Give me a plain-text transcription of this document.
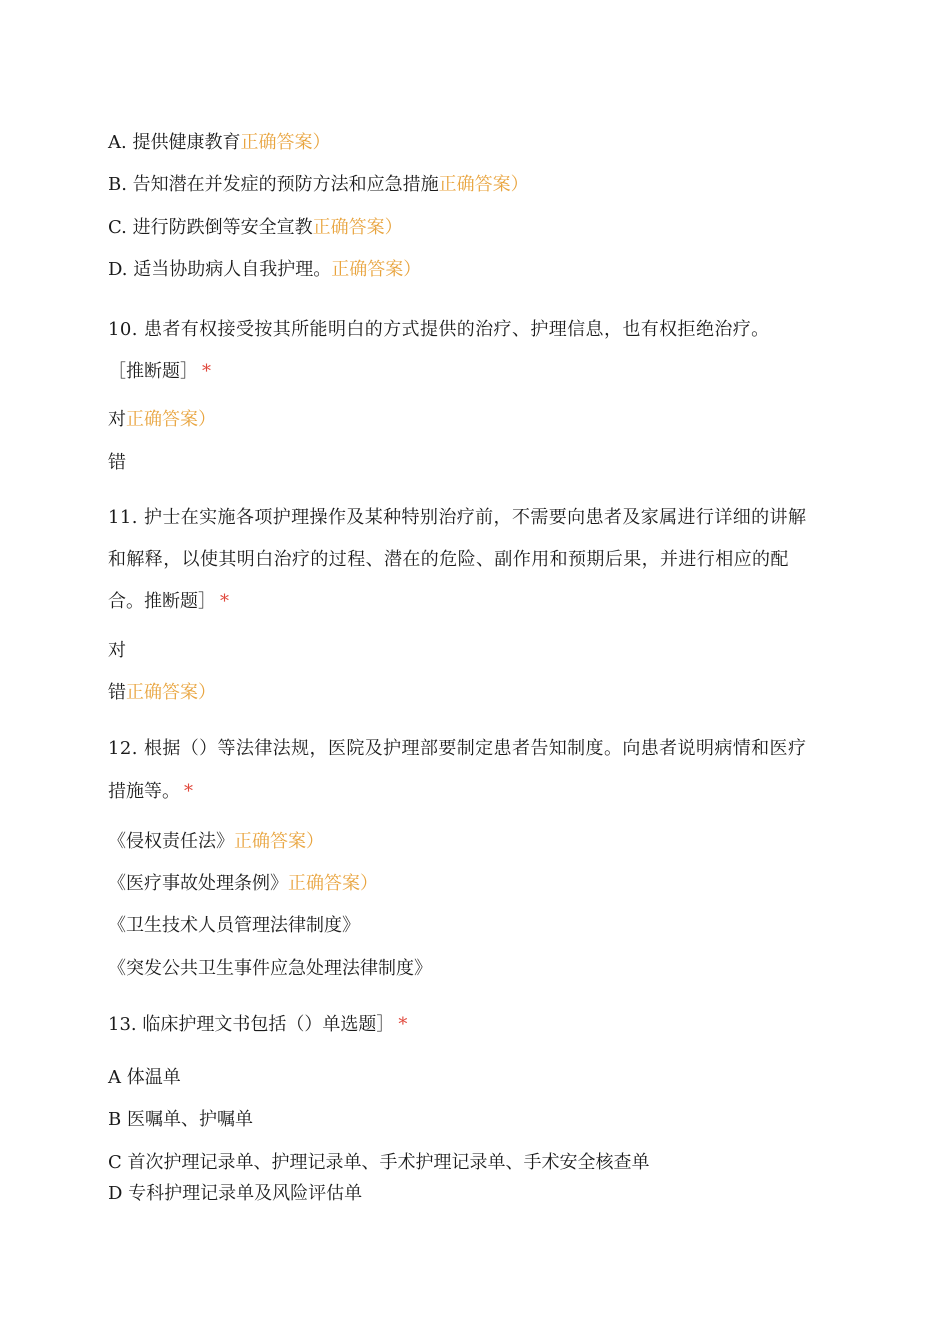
A. 提供健康教育正确答案）
B. 告知潜在并发症的预防方法和应急措施正确答案）
C. 进行防跌倒等安全宣教正确答案）
D. 适当协助病人自我护理。正确答案）
10. 患者有权接受按其所能明白的方式提供的治疗、护理信息，也有权拒绝治疗。
［推断题］ *
对正确答案）
错
11. 护士在实施各项护理操作及某种特别治疗前，不需要向患者及家属进行详细的讲解
和解释，以使其明白治疗的过程、潜在的危险、副作用和预期后果，并进行相应的配
合。推断题］ *
对
错正确答案）
12. 根据（）等法律法规，医院及护理部要制定患者告知制度。向患者说明病情和医疗
措施等。 *
《侵权责任法》正确答案）
《医疗事故处理条例》正确答案）
《卫生技术人员管理法律制度》
《突发公共卫生事件应急处理法律制度》
13. 临床护理文书包括（）单选题］ *
A 体温单
B 医嘱单、护嘱单
C 首次护理记录单、护理记录单、手术护理记录单、手术安全核查单
D 专科护理记录单及风险评估单
